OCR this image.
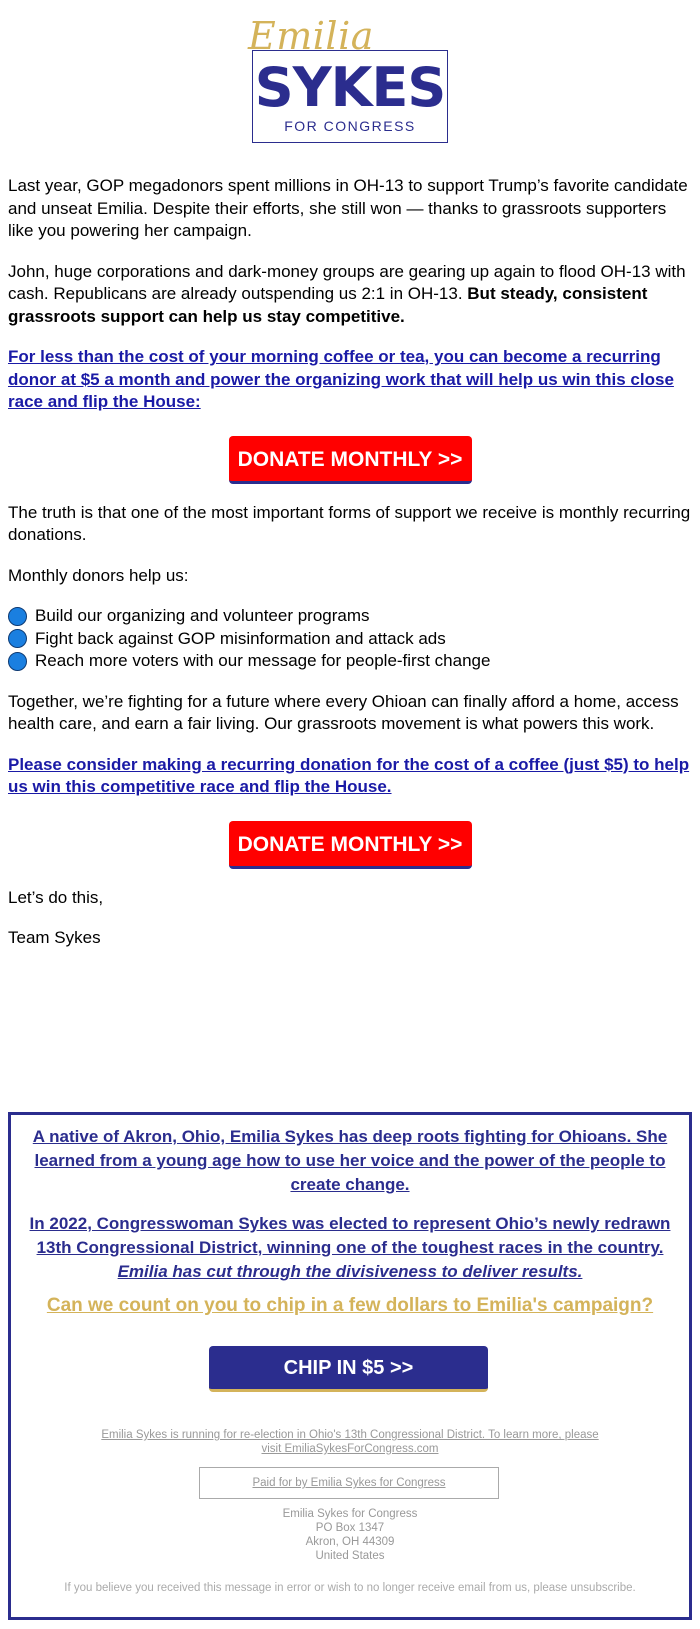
Emilia
SYKES
FOR CONGRESS

Last year, GOP megadonors spent millions in OH-13 to support Trump’s favorite candidate and unseat Emilia. Despite their efforts, she still won — thanks to grassroots supporters like you powering her campaign.

John, huge corporations and dark-money groups are gearing up again to flood OH-13 with cash. Republicans are already outspending us 2:1 in OH-13. But steady, consistent grassroots support can help us stay competitive.

For less than the cost of your morning coffee or tea, you can become a recurring donor at $5 a month and power the organizing work that will help us win this close race and flip the House:

DONATE MONTHLY >>

The truth is that one of the most important forms of support we receive is monthly recurring donations.

Monthly donors help us:

Build our organizing and volunteer programs
Fight back against GOP misinformation and attack ads
Reach more voters with our message for people-first change

Together, we’re fighting for a future where every Ohioan can finally afford a home, access health care, and earn a fair living. Our grassroots movement is what powers this work.

Please consider making a recurring donation for the cost of a coffee (just $5) to help us win this competitive race and flip the House.

DONATE MONTHLY >>

Let’s do this,

Team Sykes

A native of Akron, Ohio, Emilia Sykes has deep roots fighting for Ohioans. She learned from a young age how to use her voice and the power of the people to create change.
In 2022, Congresswoman Sykes was elected to represent Ohio’s newly redrawn 13th Congressional District, winning one of the toughest races in the country. Emilia has cut through the divisiveness to deliver results.
Can we count on you to chip in a few dollars to Emilia's campaign?
CHIP IN $5 >>
Emilia Sykes is running for re-election in Ohio's 13th Congressional District. To learn more, please visit EmiliaSykesForCongress.com
Paid for by Emilia Sykes for Congress
Emilia Sykes for Congress
PO Box 1347
Akron, OH 44309
United States
If you believe you received this message in error or wish to no longer receive email from us, please unsubscribe.
